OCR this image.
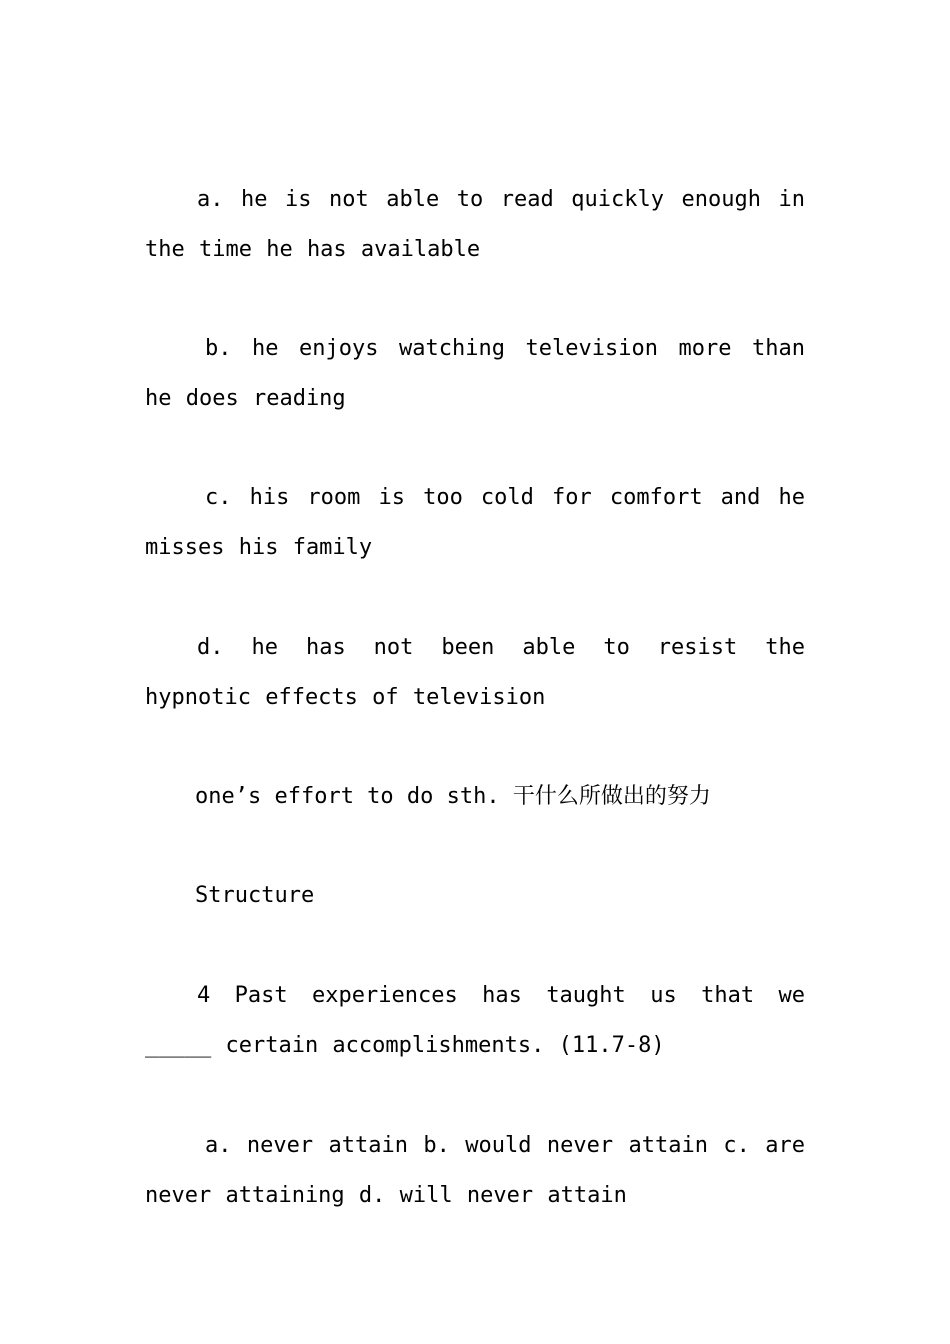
a. he is not able to read quickly enough in the time he has available

b. he enjoys watching television more than he does reading

c. his room is too cold for comfort and he misses his family

d. he has not been able to resist the hypnotic effects of television

one’s effort to do sth. 干什么所做出的努力

Structure

4 Past experiences has taught us that we _____ certain accomplishments. (11.7-8)

a. never attain b. would never attain c. are never attaining d. will never attain
